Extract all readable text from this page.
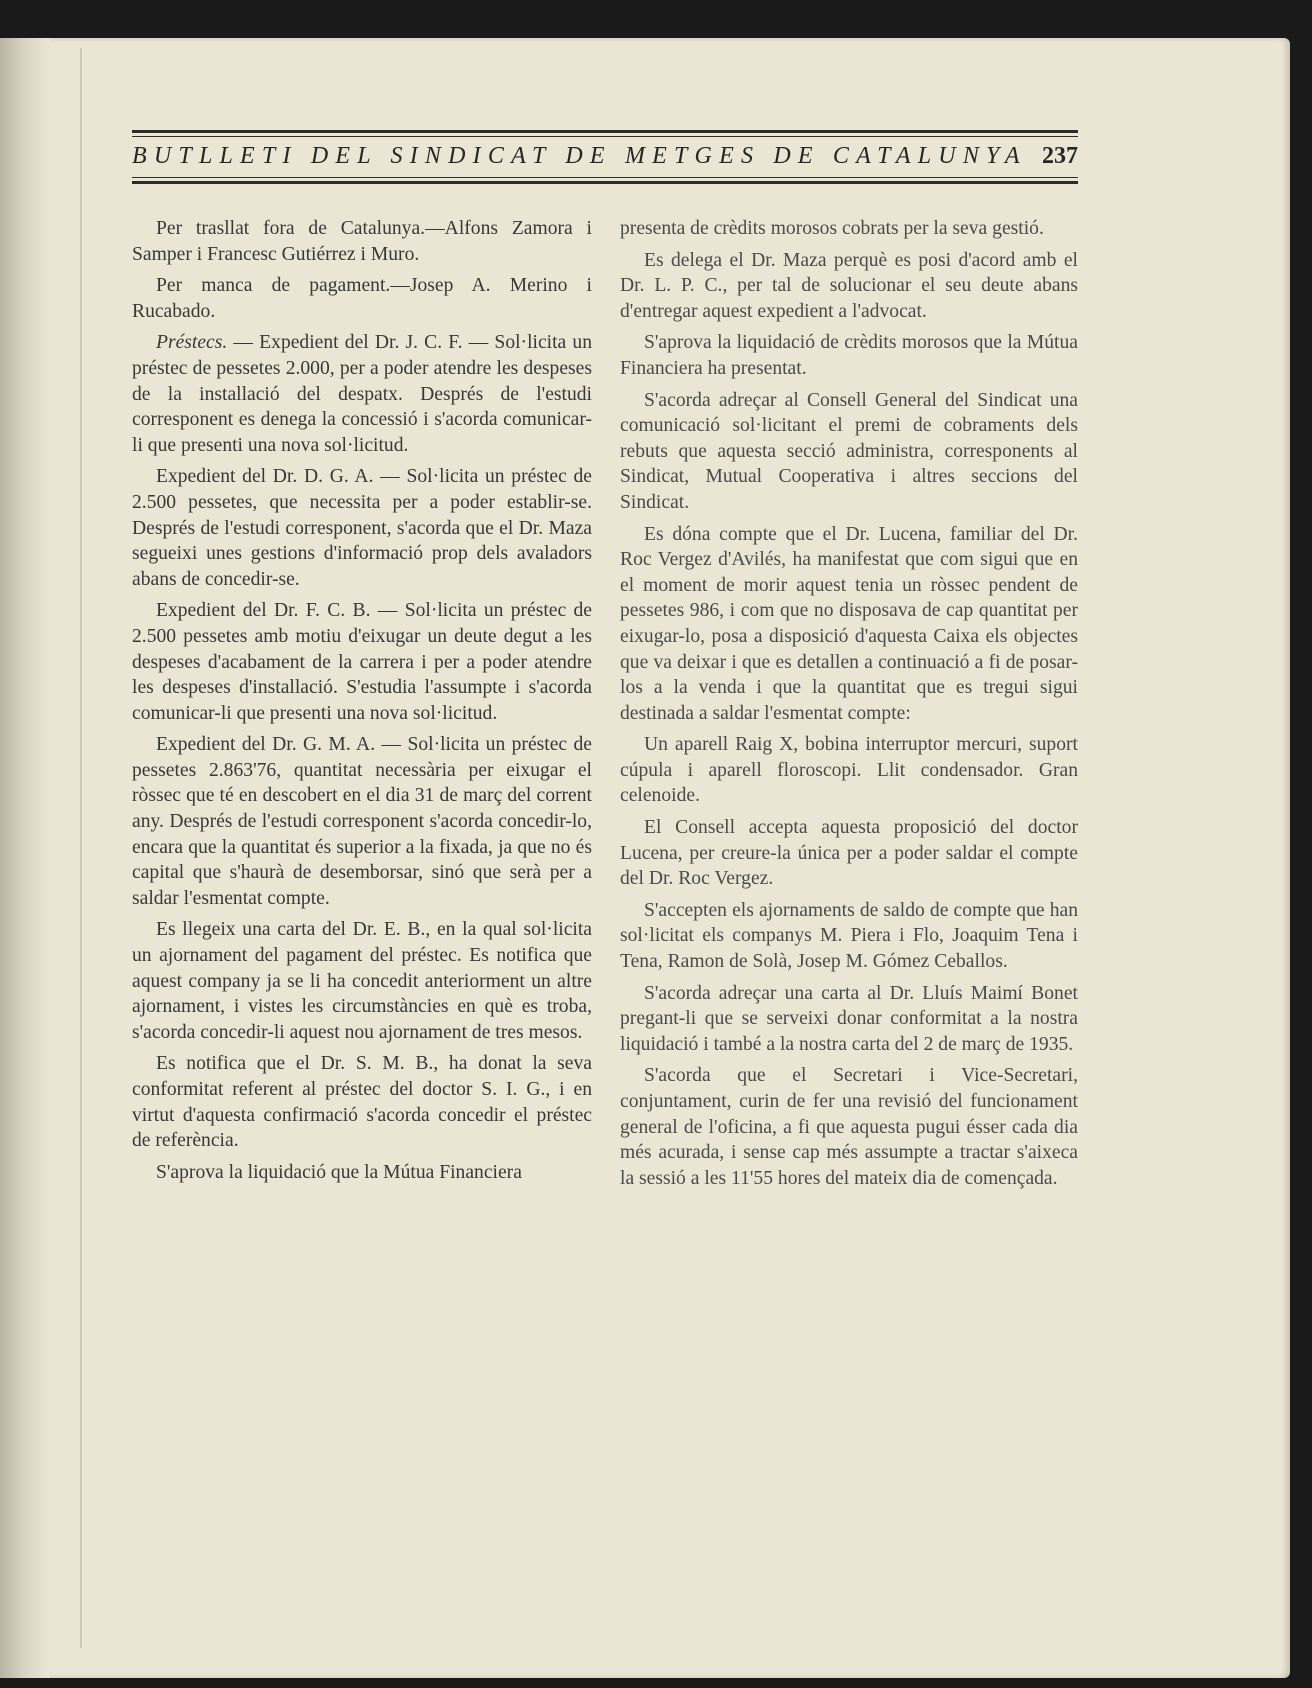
BUTLLETI DEL SINDICAT DE METGES DE CATALUNYA 237

Per trasllat fora de Catalunya.—Alfons Zamora i Samper i Francesc Gutiérrez i Muro.

Per manca de pagament.—Josep A. Merino i Rucabado.

Préstecs. — Expedient del Dr. J. C. F. — Sol·licita un préstec de pessetes 2.000, per a poder atendre les despeses de la installació del despatx. Després de l'estudi corresponent es denega la concessió i s'acorda comunicar-li que presenti una nova sol·licitud.

Expedient del Dr. D. G. A. — Sol·licita un préstec de 2.500 pessetes, que necessita per a poder establir-se. Després de l'estudi corresponent, s'acorda que el Dr. Maza segueixi unes gestions d'informació prop dels avaladors abans de concedir-se.

Expedient del Dr. F. C. B. — Sol·licita un préstec de 2.500 pessetes amb motiu d'eixugar un deute degut a les despeses d'acabament de la carrera i per a poder atendre les despeses d'installació. S'estudia l'assumpte i s'acorda comunicar-li que presenti una nova sol·licitud.

Expedient del Dr. G. M. A. — Sol·licita un préstec de pessetes 2.863'76, quantitat necessària per eixugar el ròssec que té en descobert en el dia 31 de març del corrent any. Després de l'estudi corresponent s'acorda concedir-lo, encara que la quantitat és superior a la fixada, ja que no és capital que s'haurà de desemborsar, sinó que serà per a saldar l'esmentat compte.

Es llegeix una carta del Dr. E. B., en la qual sol·licita un ajornament del pagament del préstec. Es notifica que aquest company ja se li ha concedit anteriorment un altre ajornament, i vistes les circumstàncies en què es troba, s'acorda concedir-li aquest nou ajornament de tres mesos.

Es notifica que el Dr. S. M. B., ha donat la seva conformitat referent al préstec del doctor S. I. G., i en virtut d'aquesta confirmació s'acorda concedir el préstec de referència.

S'aprova la liquidació que la Mútua Financiera

presenta de crèdits morosos cobrats per la seva gestió.

Es delega el Dr. Maza perquè es posi d'acord amb el Dr. L. P. C., per tal de solucionar el seu deute abans d'entregar aquest expedient a l'advocat.

S'aprova la liquidació de crèdits morosos que la Mútua Financiera ha presentat.

S'acorda adreçar al Consell General del Sindicat una comunicació sol·licitant el premi de cobraments dels rebuts que aquesta secció administra, corresponents al Sindicat, Mutual Cooperativa i altres seccions del Sindicat.

Es dóna compte que el Dr. Lucena, familiar del Dr. Roc Vergez d'Avilés, ha manifestat que com sigui que en el moment de morir aquest tenia un ròssec pendent de pessetes 986, i com que no disposava de cap quantitat per eixugar-lo, posa a disposició d'aquesta Caixa els objectes que va deixar i que es detallen a continuació a fi de posar-los a la venda i que la quantitat que es tregui sigui destinada a saldar l'esmentat compte:

Un aparell Raig X, bobina interruptor mercuri, suport cúpula i aparell floroscopi. Llit condensador. Gran celenoide.

El Consell accepta aquesta proposició del doctor Lucena, per creure-la única per a poder saldar el compte del Dr. Roc Vergez.

S'accepten els ajornaments de saldo de compte que han sol·licitat els companys M. Piera i Flo, Joaquim Tena i Tena, Ramon de Solà, Josep M. Gómez Ceballos.

S'acorda adreçar una carta al Dr. Lluís Maimí Bonet pregant-li que se serveixi donar conformitat a la nostra liquidació i també a la nostra carta del 2 de març de 1935.

S'acorda que el Secretari i Vice-Secretari, conjuntament, curin de fer una revisió del funcionament general de l'oficina, a fi que aquesta pugui ésser cada dia més acurada, i sense cap més assumpte a tractar s'aixeca la sessió a les 11'55 hores del mateix dia de començada.
